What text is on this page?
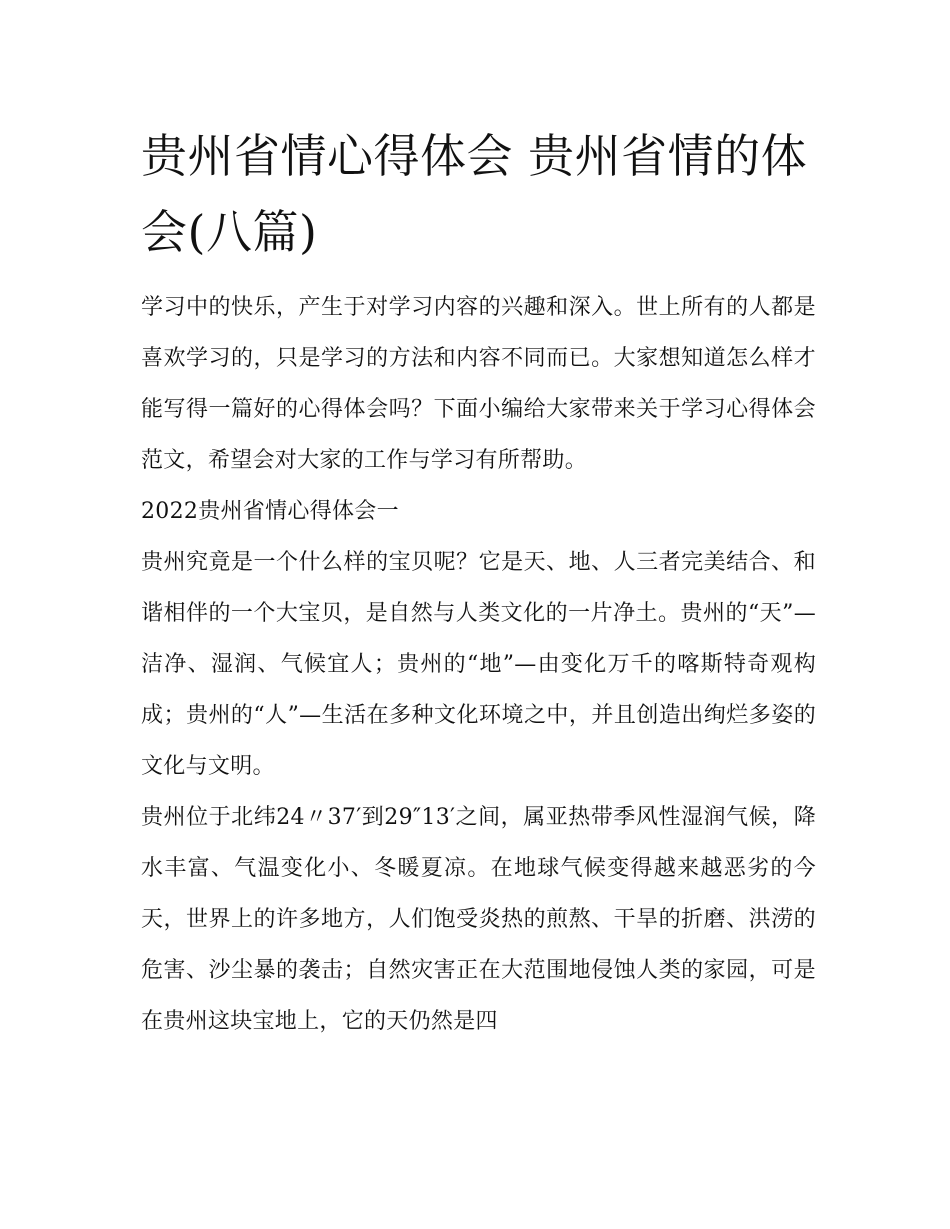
贵州省情心得体会 贵州省情的体会(八篇)

学习中的快乐，产生于对学习内容的兴趣和深入。世上所有的人都是喜欢学习的，只是学习的方法和内容不同而已。大家想知道怎么样才能写得一篇好的心得体会吗？下面小编给大家带来关于学习心得体会范文，希望会对大家的工作与学习有所帮助。

2022贵州省情心得体会一

贵州究竟是一个什么样的宝贝呢？它是天、地、人三者完美结合、和谐相伴的一个大宝贝，是自然与人类文化的一片净土。贵州的“天”—洁净、湿润、气候宜人；贵州的“地”—由变化万千的喀斯特奇观构成；贵州的“人”—生活在多种文化环境之中，并且创造出绚烂多姿的文化与文明。

贵州位于北纬24〃37′到29″13′之间，属亚热带季风性湿润气候，降水丰富、气温变化小、冬暖夏凉。在地球气候变得越来越恶劣的今天，世界上的许多地方，人们饱受炎热的煎熬、干旱的折磨、洪涝的危害、沙尘暴的袭击；自然灾害正在大范围地侵蚀人类的家园，可是在贵州这块宝地上，它的天仍然是四
